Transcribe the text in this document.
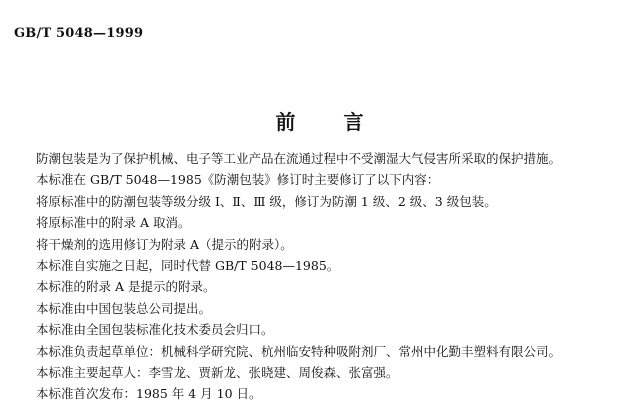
GB/T 5048—1999
前 言
防潮包装是为了保护机械、电子等工业产品在流通过程中不受潮湿大气侵害所采取的保护措施。
本标准在 GB/T 5048—1985《防潮包装》修订时主要修订了以下内容：
将原标准中的防潮包装等级分级 Ⅰ、Ⅱ、Ⅲ 级，修订为防潮 1 级、2 级、3 级包装。
将原标准中的附录 A 取消。
将干燥剂的选用修订为附录 A（提示的附录）。
本标准自实施之日起，同时代替 GB/T 5048—1985。
本标准的附录 A 是提示的附录。
本标准由中国包装总公司提出。
本标准由全国包装标准化技术委员会归口。
本标准负责起草单位：机械科学研究院、杭州临安特种吸附剂厂、常州中化勤丰塑料有限公司。
本标准主要起草人：李雪龙、贾新龙、张晓建、周俊森、张富强。
本标准首次发布：1985 年 4 月 10 日。
